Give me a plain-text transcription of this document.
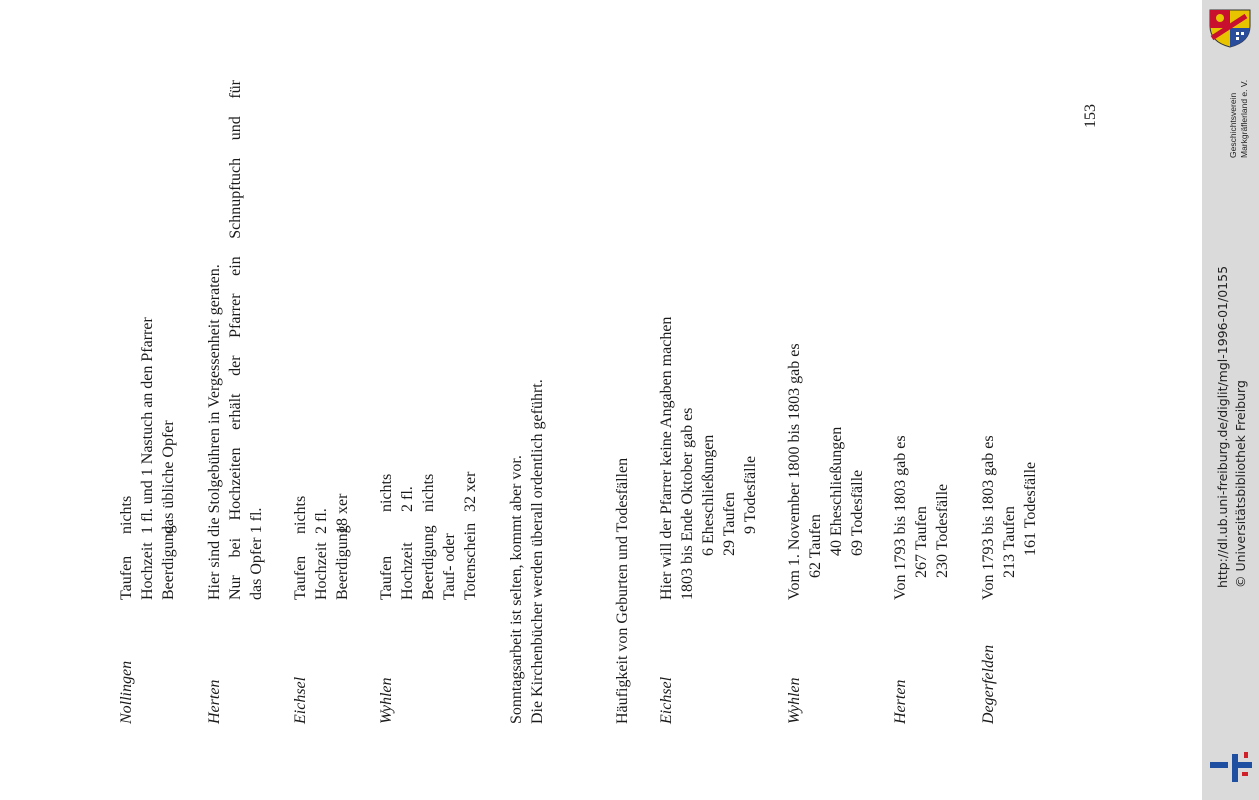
Nollingen
Taufen
nichts
Hochzeit
1 fl. und 1 Nastuch an den Pfarrer
Beerdigung
das übliche Opfer
Herten
Hier sind die Stolgebühren in Vergessenheit geraten. Nur bei Hochzeiten erhält der Pfarrer ein Schnupftuch und für das Opfer 1 fl.
Eichsel
Taufen
nichts
Hochzeit
2 fl.
Beerdigung
18 xer
Wyhlen
Taufen
nichts
Hochzeit
2 fl.
Beerdigung
nichts
Tauf- oder Totenschein
32 xer Sonntagsarbeit ist selten, kommt aber vor. Die Kirchenbücher werden überall ordentlich geführt.	Häufigkeit von Geburten und Todesfällen Eichsel
Hier will der Pfarrer keine Angaben machen 1803 bis Ende Oktober gab es 6 Eheschließungen 29 Taufen 9 Todesfälle
Wyhlen
Vom 1. November 1800 bis 1803 gab es 62 Taufen 40 Eheschließungen 69 Todesfälle
Herten
Von 1793 bis 1803 gab es 267 Taufen 230 Todesfälle
Degerfelden
Von 1793 bis 1803 gab es 213 Taufen 161 Todesfälle
153	Geschichtsverein Markgräflerland e. V.
http://dl.ub.uni-freiburg.de/diglit/mgl-1996-01/0155 © Universitätsbibliothek Freiburg
